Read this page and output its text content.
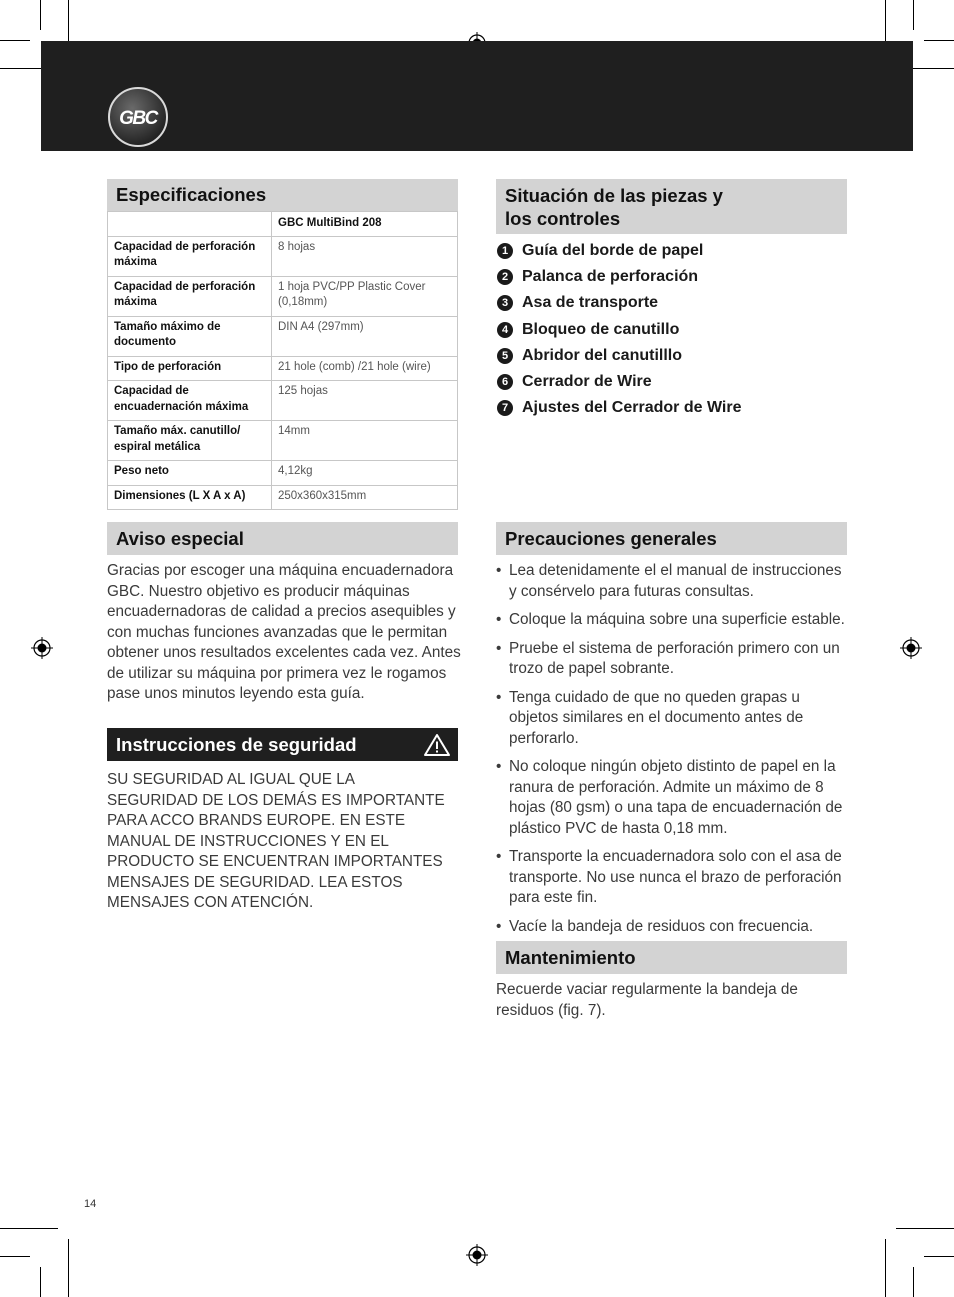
GBC
Especificaciones
	GBC MultiBind 208
Capacidad de perforación máxima	8 hojas
Capacidad de perforación máxima	1 hoja PVC/PP Plastic Cover (0,18mm)
Tamaño máximo de documento	DIN A4 (297mm)
Tipo de perforación	21 hole (comb) /21 hole (wire)
Capacidad de encuadernación máxima	125 hojas
Tamaño máx. canutillo/ espiral metálica	14mm
Peso neto	4,12kg
Dimensiones (L X A x A)	250x360x315mm
Situación de las piezas y
los controles
1 Guía del borde de papel
2 Palanca de perforación
3 Asa de transporte
4 Bloqueo de canutillo
5 Abridor del canutilllo
6 Cerrador de Wire
7 Ajustes del Cerrador de Wire
Aviso especial

Gracias por escoger una máquina encuadernadora GBC. Nuestro objetivo es producir máquinas encuadernadoras de calidad a precios asequibles y con muchas funciones avanzadas que le permitan obtener unos resultados excelentes cada vez. Antes de utilizar su máquina por primera vez le rogamos pase unos minutos leyendo esta guía.

Instrucciones de seguridad

SU SEGURIDAD AL IGUAL QUE LA SEGURIDAD DE LOS DEMÁS ES IMPORTANTE PARA ACCO BRANDS EUROPE. EN ESTE MANUAL DE INSTRUCCIONES Y EN EL PRODUCTO SE ENCUENTRAN IMPORTANTES MENSAJES DE SEGURIDAD. LEA ESTOS MENSAJES CON ATENCIÓN.

Precauciones generales
• Lea detenidamente el el manual de instrucciones y consérvelo para futuras consultas.
• Coloque la máquina sobre una superficie estable.
• Pruebe el sistema de perforación primero con un trozo de papel sobrante.
• Tenga cuidado de que no queden grapas u objetos similares en el documento antes de perforarlo.
• No coloque ningún objeto distinto de papel en la ranura de perforación. Admite un máximo de 8 hojas (80 gsm) o una tapa de encuadernación de plástico PVC de hasta 0,18 mm.
• Transporte la encuadernadora solo con el asa de transporte. No use nunca el brazo de perforación para este fin.
• Vacíe la bandeja de residuos con frecuencia.
Mantenimiento

Recuerde vaciar regularmente la bandeja de residuos (fig. 7).

14
